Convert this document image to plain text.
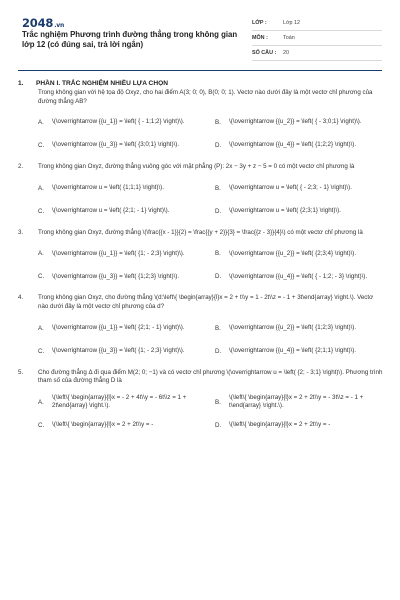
2048.vn
Trắc nghiệm Phương trình đường thẳng trong không gian lớp 12 (có đúng sai, trả lời ngắn)
LỚP :	Lớp 12
MÔN :	Toán
SỐ CÂU :	20
1. PHẦN I. TRẮC NGHIỆM NHIỀU LỰA CHỌN
Trong không gian với hệ tọa độ Oxyz, cho hai điểm A(3; 0; 0), B(0; 0; 1). Vectơ nào dưới đây là một vectơ chỉ phương của đường thẳng AB?
A.	\(\overrightarrow {{u_1}} = \left( { - 1;1;2} \right)\).	B.	\(\overrightarrow {{u_2}} = \left( { - 3;0;1} \right)\).
C.	\(\overrightarrow {{u_3}} = \left( {3;0;1} \right)\).	D.	\(\overrightarrow {{u_4}} = \left( {1;2;2} \right)\).
2.	Trong không gian Oxyz, đường thẳng vuông góc với mặt phẳng (P): 2x − 3y + z − 5 = 0 có một vectơ chỉ phương là
A.	\(\overrightarrow u = \left( {1;1;1} \right)\).	B.	\(\overrightarrow u = \left( { - 2;3; - 1} \right)\).
C.	\(\overrightarrow u = \left( {2;1; - 1} \right)\).	D.	\(\overrightarrow u = \left( {2;3;1} \right)\).
3.	Trong không gian Oxyz, đường thẳng \(\frac{{x - 1}}{2} = \frac{{y + 2}}{3} = \frac{{z - 3}}{4}\) có một vectơ chỉ phương là
A.	\(\overrightarrow {{u_1}} = \left( {1; - 2;3} \right)\).	B.	\(\overrightarrow {{u_2}} = \left( {2;3;4} \right)\).
C.	\(\overrightarrow {{u_3}} = \left( {1;2;3} \right)\).	D.	\(\overrightarrow {{u_4}} = \left( { - 1;2; - 3} \right)\).
4.	Trong không gian Oxyz, cho đường thẳng \(d:\left\{ \begin{array}{l}x = 2 + t\\y = 1 - 2t\\z = - 1 + 3t\end{array} \right.\). Vectơ nào dưới đây là một vectơ chỉ phương của d?
A.	\(\overrightarrow {{u_1}} = \left( {2;1; - 1} \right)\).	B.	\(\overrightarrow {{u_2}} = \left( {1;2;3} \right)\).
C.	\(\overrightarrow {{u_3}} = \left( {1; - 2;3} \right)\).	D.	\(\overrightarrow {{u_4}} = \left( {2;1;1} \right)\).
5.	Cho đường thẳng Δ đi qua điểm M(2; 0; −1) và có vectơ chỉ phương \(\overrightarrow u = \left( {2; - 3;1} \right)\). Phương trình tham số của đường thẳng D là
A.
\(\left\{ \begin{array}{l}x = - 2 + 4t\\y = - 6t\\z = 1 + 2t\end{array} \right.\).	B.
\(\left\{ \begin{array}{l}x = 2 + 2t\\y = - 3t\\z = - 1 + t\end{array} \right.\).
C.	\(\left\{ \begin{array}{l}x = 2 + 2t\\y = -	D.	\(\left\{ \begin{array}{l}x = 2 + 2t\\y = -
